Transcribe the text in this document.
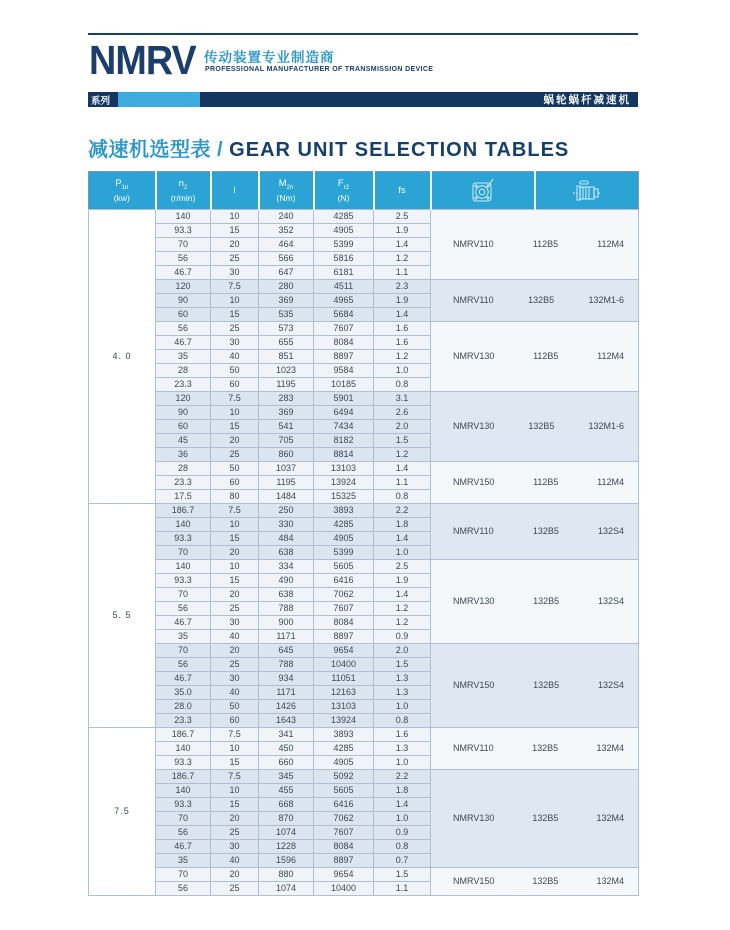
NMRV 传动装置专业制造商
PROFESSIONAL MANUFACTURER OF TRANSMISSION DEVICE
系列	蜗轮蜗杆减速机
减速机选型表 / GEAR UNIT SELECTION TABLES
$P_{1n}$
(kw)	$n_2$
(r/min)	i	$M_{2n}$
(Nm)	$F_{r2}$
(N)	fs

4. 0	140	10	240	4285	2.5	NMRV110 112B5 112M4	

	93.3	15	352	4905	1.9		
	70	20	464	5399	1.4		
	56	25	566	5816	1.2		
	46.7	30	647	6181	1.1		
	120	7.5	280	4511	2.3	NMRV110 132B5 132M1-6	

	90	10	369	4965	1.9		
	60	15	535	5684	1.4		
	56	25	573	7607	1.6	NMRV130 112B5 112M4	

	46.7	30	655	8084	1.6		
	35	40	851	8897	1.2		
	28	50	1023	9584	1.0		
	23.3	60	1195	10185	0.8		
	120	7.5	283	5901	3.1	NMRV130 132B5 132M1-6	

	90	10	369	6494	2.6		
	60	15	541	7434	2.0		
	45	20	705	8182	1.5		
	36	25	860	8814	1.2		
	28	50	1037	13103	1.4	NMRV150 112B5 112M4	

	23.3	60	1195	13924	1.1		
	17.5	80	1484	15325	0.8		
5. 5	186.7	7.5	250	3893	2.2	NMRV110 132B5 132S4	

	140	10	330	4285	1.8		
	93.3	15	484	4905	1.4		
	70	20	638	5399	1.0		
	140	10	334	5605	2.5	NMRV130 132B5 132S4	

	93.3	15	490	6416	1.9		
	70	20	638	7062	1.4		
	56	25	788	7607	1.2		
	46.7	30	900	8084	1.2		
	35	40	1171	8897	0.9		
	70	20	645	9654	2.0	NMRV150 132B5 132S4	

	56	25	788	10400	1.5		
	46.7	30	934	11051	1.3		
	35.0	40	1171	12163	1.3		
	28.0	50	1426	13103	1.0		
	23.3	60	1643	13924	0.8		
7.5	186.7	7.5	341	3893	1.6	NMRV110 132B5 132M4	

	140	10	450	4285	1.3		
	93.3	15	660	4905	1.0		
	186.7	7.5	345	5092	2.2	NMRV130 132B5 132M4	

	140	10	455	5605	1.8		
	93.3	15	668	6416	1.4		
	70	20	870	7062	1.0		
	56	25	1074	7607	0.9		
	46.7	30	1228	8084	0.8		
	35	40	1596	8897	0.7		
	70	20	880	9654	1.5	NMRV150 132B5 132M4	

	56	25	1074	10400	1.1		
